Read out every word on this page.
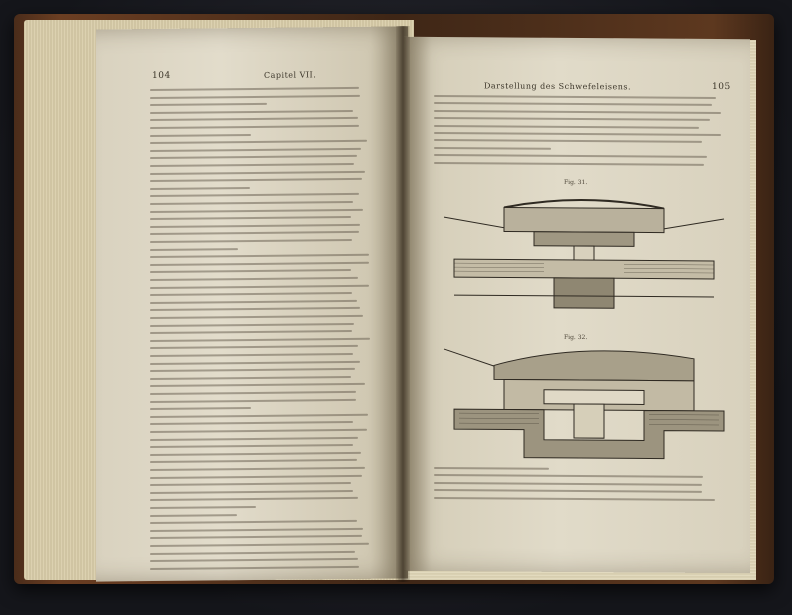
104	Capitel VII.
Darstellung des Schwefeleisens.	105
Fig. 31.
Fig. 32.
